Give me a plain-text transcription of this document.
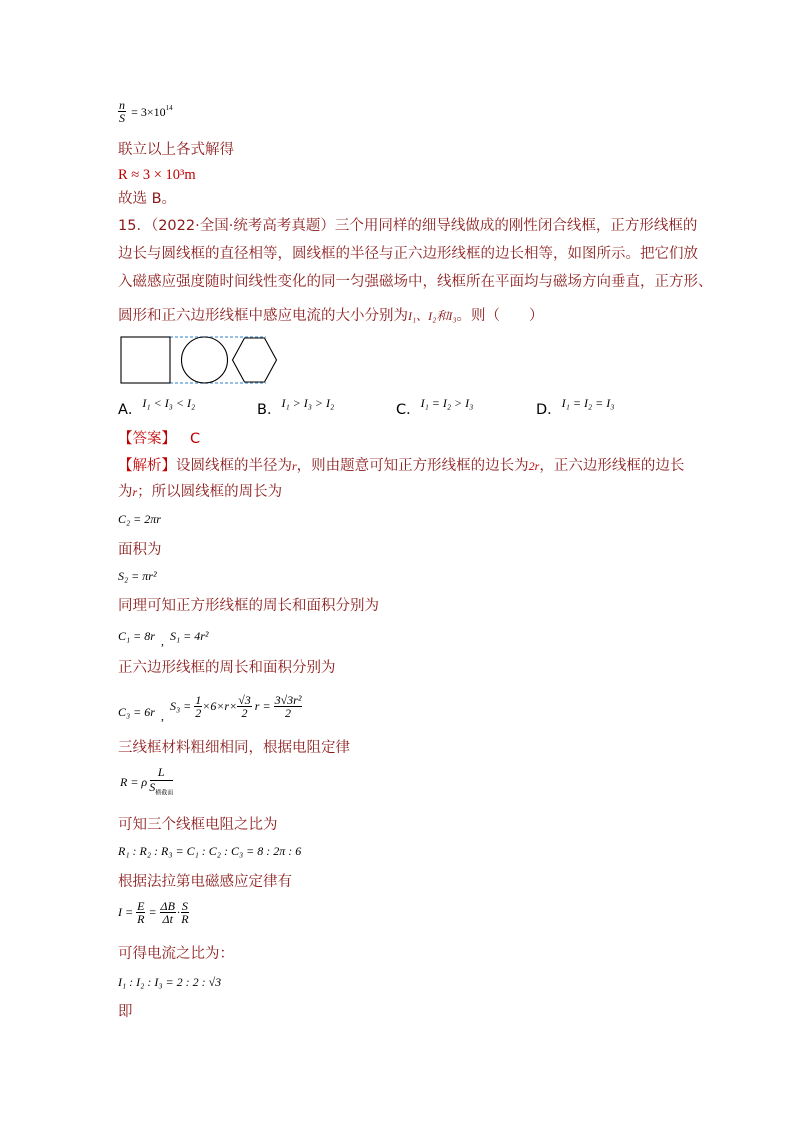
$\frac{n}{S} = 3\times 10^{14}$
联立以上各式解得
R ≈ 3 × 10³m
故选 B。
15．（2022·全国·统考高考真题）三个用同样的细导线做成的刚性闭合线框，正方形线框的
边长与圆线框的直径相等，圆线框的半径与正六边形线框的边长相等，如图所示。把它们放
入磁感应强度随时间线性变化的同一匀强磁场中，线框所在平面均与磁场方向垂直，正方形、
圆形和正六边形线框中感应电流的大小分别为I₁、I₂和I₃。则（　　）
A．$^{I_1 < I_3 < I_2}$	B．$^{I_1 > I_3 > I_2}$	C．$^{I_1 = I_2 > I_3}$	D．$^{I_1 = I_2 = I_3}$
【答案】 C
【解析】设圆线框的半径为r，则由题意可知正方形线框的边长为2r，正六边形线框的边长
为r；所以圆线框的周长为
C₂ = 2πr
面积为
S₂ = πr²
同理可知正方形线框的周长和面积分别为
C₁ = 8r $_,$ S₁ = 4r²
正六边形线框的周长和面积分别为
C₃ = 6r ,
$S_3 = \frac{1}{2} \times 6\times r\times \frac{√3}{2}$ $r = \frac{\text{3√3r²}}{2}$
三线框材料粗细相同，根据电阻定律
R = ρ $\frac{L}{S_{横截面}}$
可知三个线框电阻之比为
R₁ : R₂ : R₃ = C₁ : C₂ : C₃ = 8 : 2π : 6
根据法拉第电磁感应定律有
$I = \frac{E}{R} = \frac{\Delta B}{\Delta t} \cdot \frac{S}{R}$
可得电流之比为：
I₁ : I₂ : I₃ = 2 : 2 : √3
即
